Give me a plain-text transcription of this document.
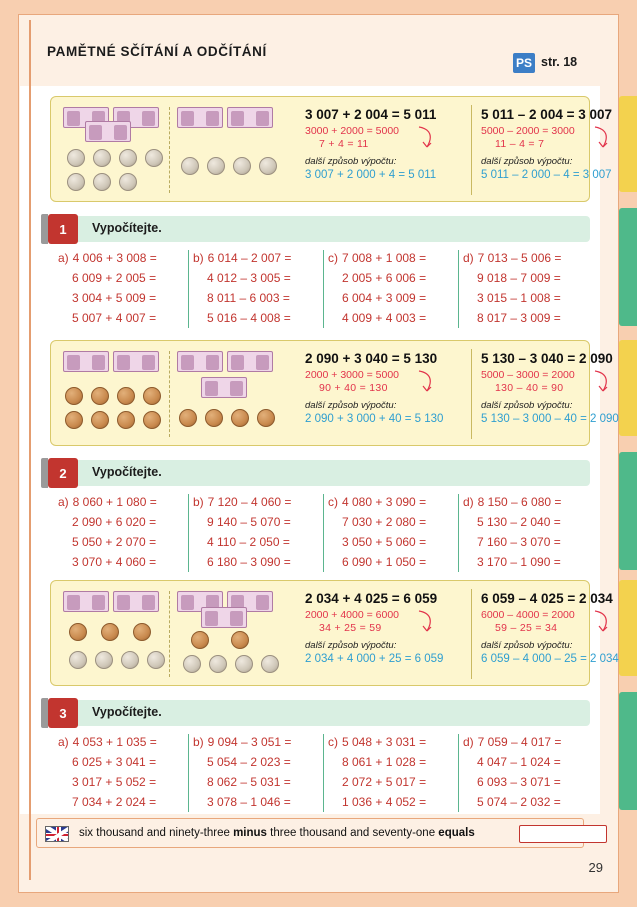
PAMĚTNÉ SČÍTÁNÍ A ODČÍTÁNÍ
PS str. 18
3 007 + 2 004 = 5 011
3000 + 2000 = 5000
7 + 4 = 11
další způsob výpočtu:
3 007 + 2 000 + 4 = 5 011
5 011 – 2 004 = 3 007
5000 – 2000 = 3000
11 – 4 = 7
další způsob výpočtu:
5 011 – 2 000 – 4 = 3 007
1	Vypočítejte.
a) 4 006 + 3 008 =
6 009 + 2 005 =
3 004 + 5 009 =
5 007 + 4 007 =
b) 6 014 – 2 007 =
4 012 – 3 005 =
8 011 – 6 003 =
5 016 – 4 008 =
c) 7 008 + 1 008 =
2 005 + 6 006 =
6 004 + 3 009 =
4 009 + 4 003 =
d) 7 013 – 5 006 =
9 018 – 7 009 =
3 015 – 1 008 =
8 017 – 3 009 =
2 090 + 3 040 = 5 130
2000 + 3000 = 5000
90 + 40 = 130
další způsob výpočtu:
2 090 + 3 000 + 40 = 5 130
5 130 – 3 040 = 2 090
5000 – 3000 = 2000
130 – 40 = 90
další způsob výpočtu:
5 130 – 3 000 – 40 = 2 090
2	Vypočítejte.
a) 8 060 + 1 080 =
2 090 + 6 020 =
5 050 + 2 070 =
3 070 + 4 060 =
b) 7 120 – 4 060 =
9 140 – 5 070 =
4 110 – 2 050 =
6 180 – 3 090 =
c) 4 080 + 3 090 =
7 030 + 2 080 =
3 050 + 5 060 =
6 090 + 1 050 =
d) 8 150 – 6 080 =
5 130 – 2 040 =
7 160 – 3 070 =
3 170 – 1 090 =
2 034 + 4 025 = 6 059
2000 + 4000 = 6000
34 + 25 = 59
další způsob výpočtu:
2 034 + 4 000 + 25 = 6 059
6 059 – 4 025 = 2 034
6000 – 4000 = 2000
59 – 25 = 34
další způsob výpočtu:
6 059 – 4 000 – 25 = 2 034
3	Vypočítejte.
a) 4 053 + 1 035 =
6 025 + 3 041 =
3 017 + 5 052 =
7 034 + 2 024 =
b) 9 094 – 3 051 =
5 054 – 2 023 =
8 062 – 5 031 =
3 078 – 1 046 =
c) 5 048 + 3 031 =
8 061 + 1 028 =
2 072 + 5 017 =
1 036 + 4 052 =
d) 7 059 – 4 017 =
4 047 – 1 024 =
6 093 – 3 071 =
5 074 – 2 032 =
six thousand and ninety-three minus three thousand and seventy-one equals
29
